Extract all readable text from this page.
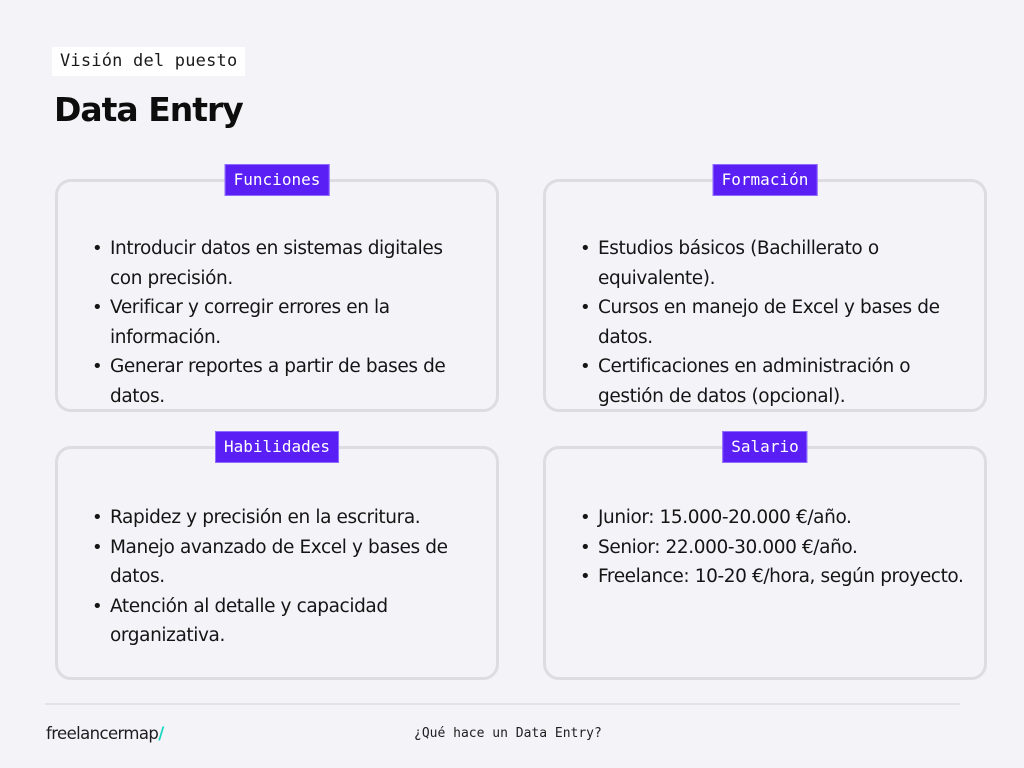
Visión del puesto
Data Entry
Funciones
• Introducir datos en sistemas digitales con precisión.
• Verificar y corregir errores en la información.
• Generar reportes a partir de bases de datos.
Formación
• Estudios básicos (Bachillerato o equivalente).
• Cursos en manejo de Excel y bases de datos.
• Certificaciones en administración o gestión de datos (opcional).
Habilidades
• Rapidez y precisión en la escritura.
• Manejo avanzado de Excel y bases de datos.
• Atención al detalle y capacidad organizativa.
Salario
• Junior: 15.000-20.000 €/año.
• Senior: 22.000-30.000 €/año.
• Freelance: 10-20 €/hora, según proyecto.
freelancermap/	¿Qué hace un Data Entry?
